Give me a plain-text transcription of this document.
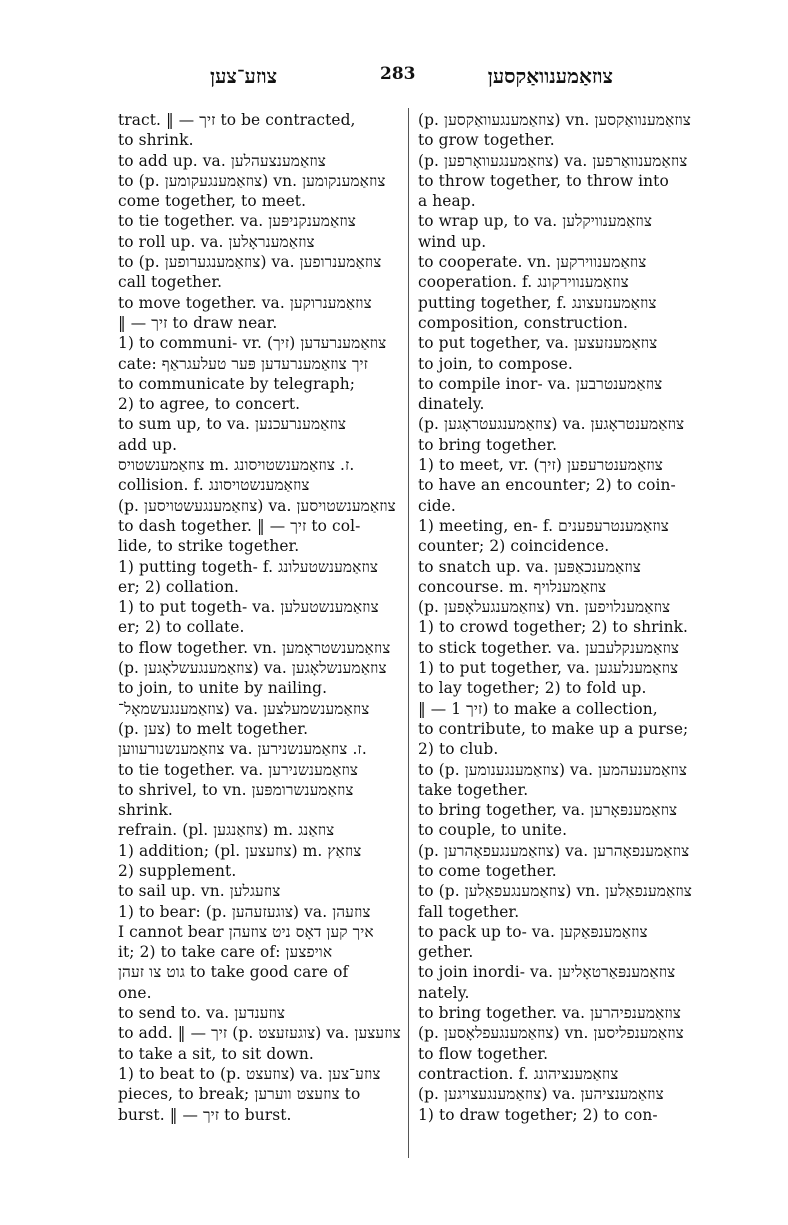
צוזע־צען	283	צוזאַמענוואַקסען
tract. ‖ — זיך to be contracted,
to shrink.
to add up. va. צוזאַמענצעהלען
to (p. צוזאַמענגעקומען) vn. צוזאַמענקומען
come together, to meet.
to tie together. va. צוזאַמענקניפּען
to roll up. va. צוזאַמענראָלען
to (p. צוזאַמענגערופען) va. צוזאַמענרופען
call together.
to move together. va. צוזאַמענרוקען
‖ — זיך to draw near.
1) to communi- vr. (זיך) צוזאַמענרעדען
cate: זיך צוזאַמענרעדען פּער טעלעגראַף
to communicate by telegraph;
2) to agree, to concert.
to sum up, to va. צוזאַמענרעכנען
add up.
צוזאַמענשטויס m. ז. צוזאַמענשטויסונג.
collision. f. צוזאַמענשטויסונג
(p. צוזאַמענגעשטויסען) va. צוזאַמענשטויסען
to dash together. ‖ — זיך to col-
lide, to strike together.
1) putting togeth- f. צוזאַמענשטעלונג
er; 2) collation.
1) to put togeth- va. צוזאַמענשטעלען
er; 2) to collate.
to flow together. vn. צוזאַמענשטראָמען
(p. צוזאַמענגעשלאָגען) va. צוזאַמענשלאָגען
to join, to unite by nailing.
צוזאַמענגעשמאָל־) va. צוזאַמענשמעלצען
(p. צען) to melt together.
צוזאַמענשנורעווען va. ז. צוזאַמענשנירען.
to tie together. va. צוזאַמענשנירען
to shrivel, to vn. צוזאַמענשרומפּען
shrink.
refrain. (pl. צוזאַנגען) m. צוזאַנג
1) addition; (pl. צוזעצען) m. צוזאַץ
2) supplement.
to sail up. vn. צוזעגלען
1) to bear: (p. צוגעזעהען) va. צוזעהן
I cannot bear איך קען דאָס ניט צוזעהן
it; 2) to take care of: אויפצען
גוט צו זעהן to take good care of
one.
to send to. va. צוזענדען
to add. ‖ — זיך (p. צוגעזעצט) va. צוזעצען
to take a sit, to sit down.
1) to beat to (p. צוזעצט) va. צוזע־צען
pieces, to break; צוזעצט ווערען to
burst. ‖ — זיך to burst.
(p. צוזאַמענגעוואַקסען) vn. צוזאַמענוואַקסען
to grow together.
(p. צוזאַמענגעוואָרפען) va. צוזאַמענוואַרפען
to throw together, to throw into
a heap.
to wrap up, to va. צוזאַמענוויקלען
wind up.
to cooperate. vn. צוזאַמענווירקען
cooperation. f. צוזאַמענווירקונג
putting together, f. צוזאַמענזעצונג
composition, construction.
to put together, va. צוזאַמענזעצען
to join, to compose.
to compile inor- va. צוזאַמענטרבען
dinately.
(p. צוזאַמענגעטראָגען) va. צוזאַמענטראָגען
to bring together.
1) to meet, vr. (זיך) צוזאַמענטרעפען
to have an encounter; 2) to coin-
cide.
1) meeting, en- f. צוזאַמענטרעפענים
counter; 2) coincidence.
to snatch up. va. צוזאַמענכאַפּען
concourse. m. צוזאַמענלויף
(p. צוזאַמענגעלאָפען) vn. צוזאַמענלויפען
1) to crowd together; 2) to shrink.
to stick together. va. צוזאַמענקלעבען
1) to put together, va. צוזאַמענלעגען
to lay together; 2) to fold up.
‖ — זיך 1) to make a collection,
to contribute, to make up a purse;
2) to club.
to (p. צוזאַמענגענומען) va. צוזאַמענעהמען
take together.
to bring together, va. צוזאַמענפּאָרען
to couple, to unite.
(p. צוזאַמענגעפאָהרען) va. צוזאַמענפאָהרען
to come together.
to (p. צוזאַמענגעפאַלען) vn. צוזאַמענפאַלען
fall together.
to pack up to- va. צוזאַמענפּאַקען
gether.
to join inordi- va. צוזאַמענפּאַרטאָליען
nately.
to bring together. va. צוזאַמענפיהרען
(p. צוזאַמענגעפלאָסען) vn. צוזאַמענפליסען
to flow together.
contraction. f. צוזאַמענציהונג
(p. צוזאַמענגעצויגען) va. צוזאַמענציהען
1) to draw together; 2) to con-
